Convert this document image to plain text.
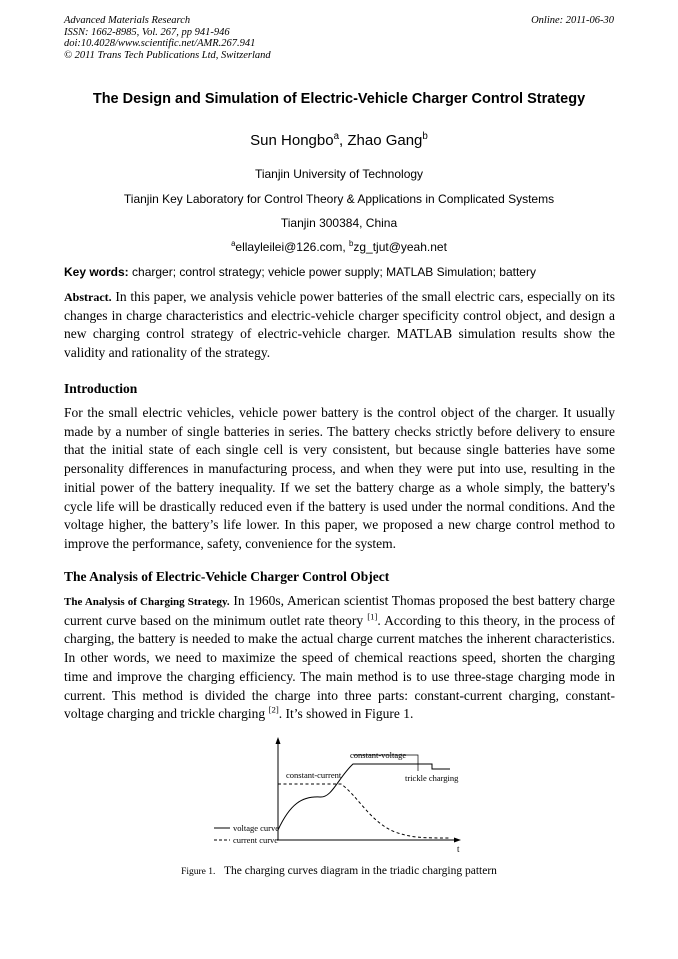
Advanced Materials Research
ISSN: 1662-8985, Vol. 267, pp 941-946
doi:10.4028/www.scientific.net/AMR.267.941
© 2011 Trans Tech Publications Ltd, Switzerland
Online: 2011-06-30
The Design and Simulation of Electric-Vehicle Charger Control Strategy
Sun Hongbo$^a$, Zhao Gang$^b$
Tianjin University of Technology
Tianjin Key Laboratory for Control Theory & Applications in Complicated Systems
Tianjin 300384, China
$^a$ellayleilei@126.com, $^b$zg_tjut@yeah.net
Key words: charger; control strategy; vehicle power supply; MATLAB Simulation; battery
Abstract. In this paper, we analysis vehicle power batteries of the small electric cars, especially on its changes in charge characteristics and electric-vehicle charger specificity control object, and design a new charging control strategy of electric-vehicle charger. MATLAB simulation results show the validity and rationality of the strategy.
Introduction
For the small electric vehicles, vehicle power battery is the control object of the charger. It usually made by a number of single batteries in series. The battery checks strictly before delivery to ensure that the initial state of each single cell is very consistent, but because single batteries have some personality differences in manufacturing process, and when they were put into use, resulting in the initial power of the battery inequality. If we set the battery charge as a whole simply, the battery's cycle life will be drastically reduced even if the battery is used under the normal conditions. And the voltage higher, the battery’s life lower. In this paper, we proposed a new charge control method to improve the performance, safety, convenience for the system.
The Analysis of Electric-Vehicle Charger Control Object
The Analysis of Charging Strategy. In 1960s, American scientist Thomas proposed the best battery charge current curve based on the minimum outlet rate theory [1]. According to this theory, in the process of charging, the battery is needed to make the actual charge current matches the inherent characteristics. In other words, we need to maximize the speed of chemical reactions speed, shorten the charging time and improve the charging efficiency. The main method is to use three-stage charging mode in current. This method is divided the charge into three parts: constant-current charging, constant-voltage charging and trickle charging [2]. It’s showed in Figure 1.
t
constant-voltage
constant-current	trickle charging
voltage curve
current curve
Figure 1. The charging curves diagram in the triadic charging pattern
